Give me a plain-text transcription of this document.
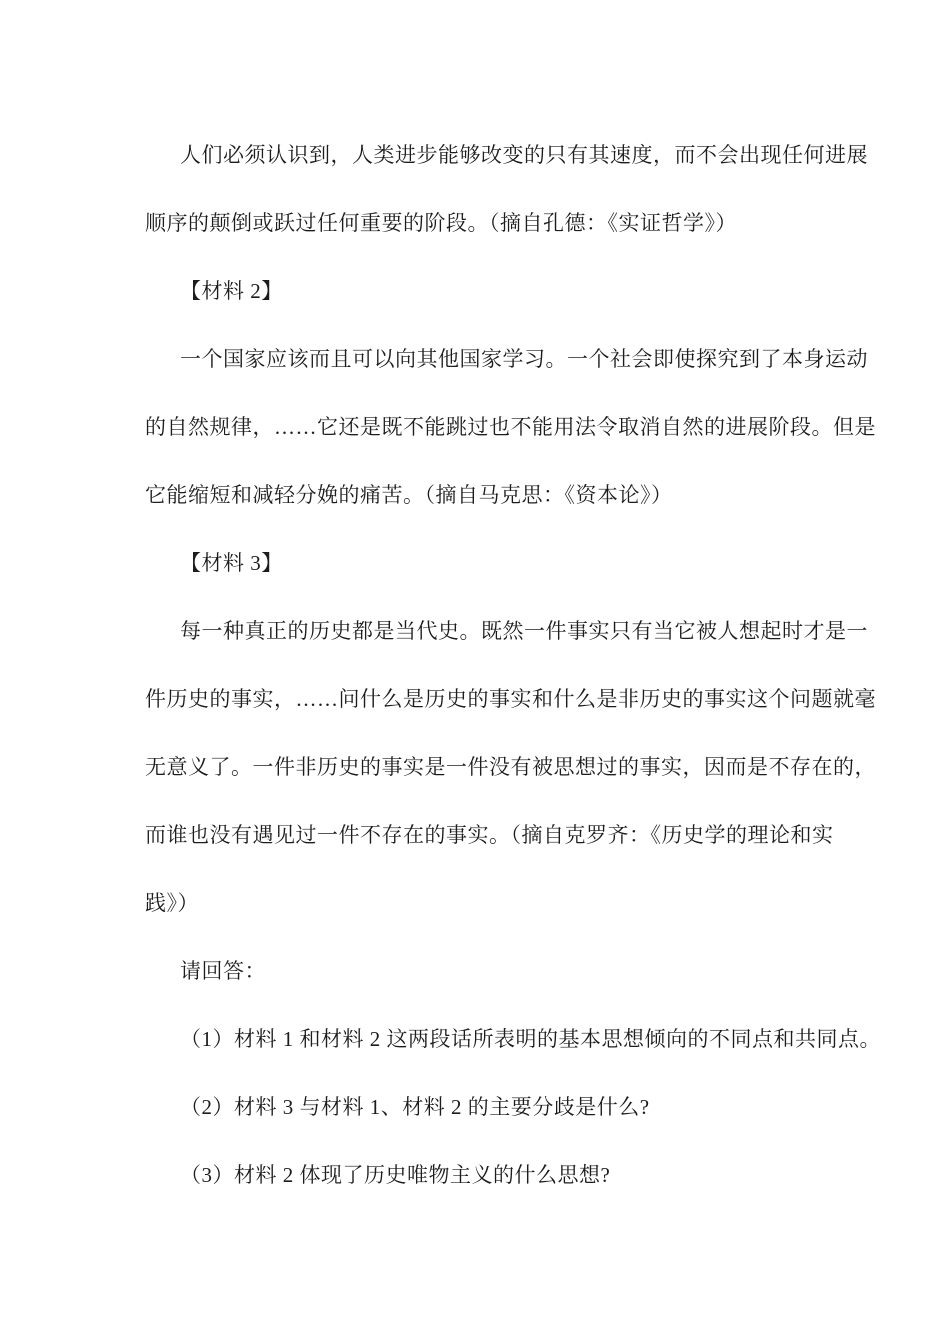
人们必须认识到，人类进步能够改变的只有其速度，而不会出现任何进展
顺序的颠倒或跃过任何重要的阶段。（摘自孔德：《实证哲学》）
【材料 2】
一个国家应该而且可以向其他国家学习。一个社会即使探究到了本身运动
的自然规律，……它还是既不能跳过也不能用法令取消自然的进展阶段。但是
它能缩短和减轻分娩的痛苦。（摘自马克思：《资本论》）
【材料 3】
每一种真正的历史都是当代史。既然一件事实只有当它被人想起时才是一
件历史的事实，……问什么是历史的事实和什么是非历史的事实这个问题就毫
无意义了。一件非历史的事实是一件没有被思想过的事实，因而是不存在的，
而谁也没有遇见过一件不存在的事实。（摘自克罗齐：《历史学的理论和实
践》）
请回答：
（1）材料 1 和材料 2 这两段话所表明的基本思想倾向的不同点和共同点。
（2）材料 3 与材料 1、材料 2 的主要分歧是什么?
（3）材料 2 体现了历史唯物主义的什么思想?
